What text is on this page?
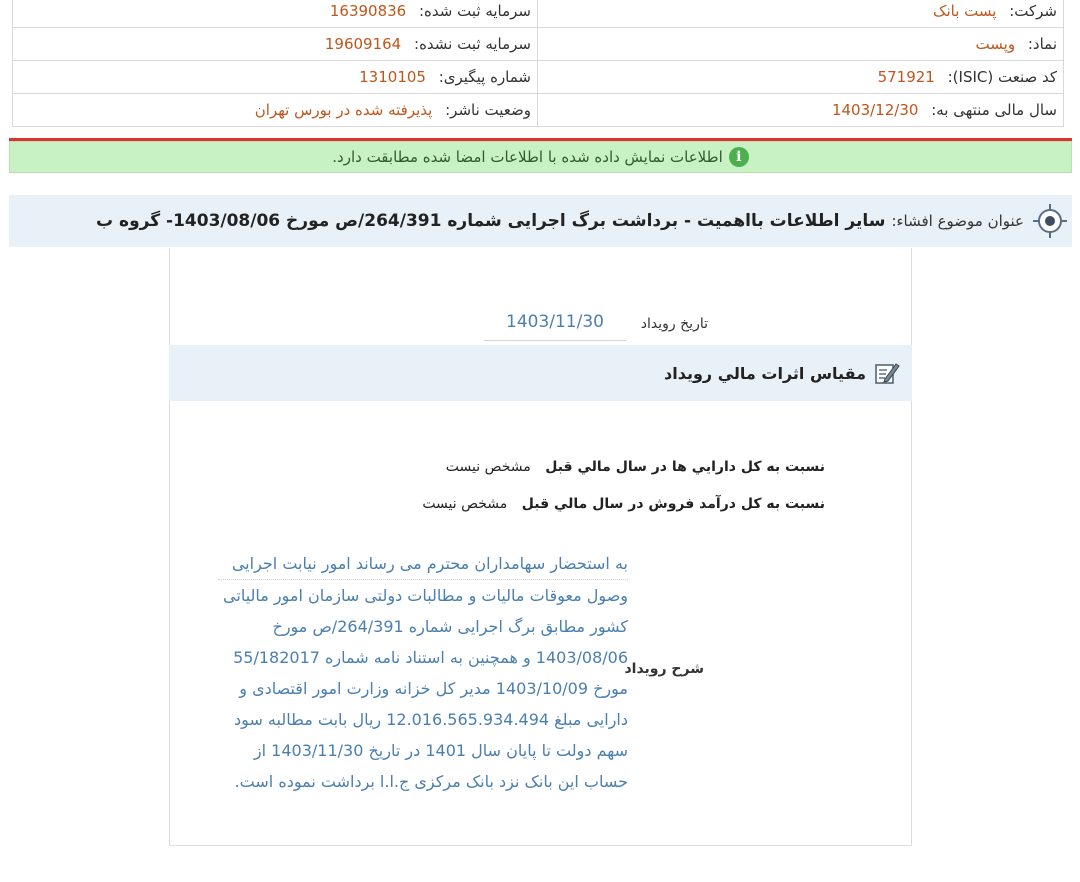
شرکت: پست بانک	سرمایه ثبت شده: 16390836
نماد: وپست	سرمایه ثبت نشده: 19609164
کد صنعت (ISIC): 571921	شماره پیگیری: 1310105
سال مالی منتهی به: 1403/12/30	وضعیت ناشر: پذیرفته شده در بورس تهران
i
اطلاعات نمایش داده شده با اطلاعات امضا شده مطابقت دارد.
عنوان موضوع افشاء:
سایر اطلاعات بااهمیت - برداشت برگ اجرایی شماره 264/391/ص مورخ 1403/08/06- گروه ب
تاريخ رويداد
1403/11/30
مقياس اثرات مالي رويداد
نسبت به کل دارايي ها در سال مالي قبل مشخص نيست
نسبت به کل درآمد فروش در سال مالي قبل مشخص نيست
شرح رويداد
به استحضار سهامداران محترم می رساند امور نیابت اجرایی
وصول معوقات مالیات و مطالبات دولتی سازمان امور مالیاتی
کشور مطابق برگ اجرایی شماره 264/391/ص مورخ
1403/08/06 و همچنین به استناد نامه شماره 55/182017
مورخ 1403/10/09 مدیر کل خزانه وزارت امور اقتصادی و
دارایی مبلغ 12.016.565.934.494 ریال بابت مطالبه سود
سهم دولت تا پایان سال 1401 در تاریخ 1403/11/30 از
حساب این بانک نزد بانک مرکزی ج.ا.ا برداشت نموده است.
